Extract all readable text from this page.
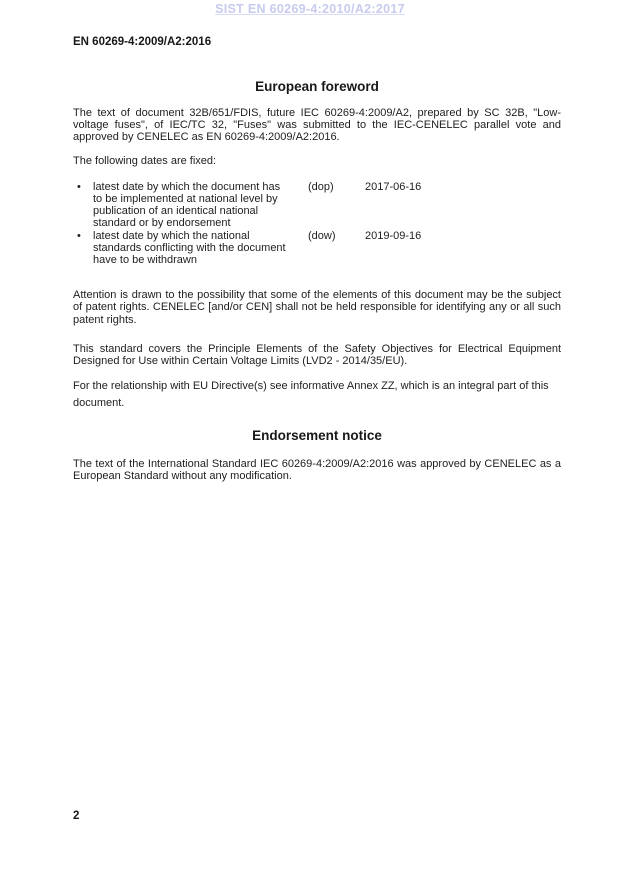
SIST EN 60269-4:2010/A2:2017
EN 60269-4:2009/A2:2016
European foreword

The text of document 32B/651/FDIS, future IEC 60269-4:2009/A2, prepared by SC 32B, "Low-voltage fuses", of IEC/TC 32, "Fuses" was submitted to the IEC-CENELEC parallel vote and approved by CENELEC as EN 60269-4:2009/A2:2016.

The following dates are fixed:

•
latest date by which the document has to be implemented at national level by publication of an identical national standard or by endorsement
(dop)	2017-06-16
•
latest date by which the national standards conflicting with the document have to be withdrawn
(dow)	2019-09-16

Attention is drawn to the possibility that some of the elements of this document may be the subject of patent rights. CENELEC [and/or CEN] shall not be held responsible for identifying any or all such patent rights.

This standard covers the Principle Elements of the Safety Objectives for Electrical Equipment Designed for Use within Certain Voltage Limits (LVD2 - 2014/35/EU).

For the relationship with EU Directive(s) see informative Annex ZZ, which is an integral part of this document.

Endorsement notice

The text of the International Standard IEC 60269-4:2009/A2:2016 was approved by CENELEC as a European Standard without any modification.

2
